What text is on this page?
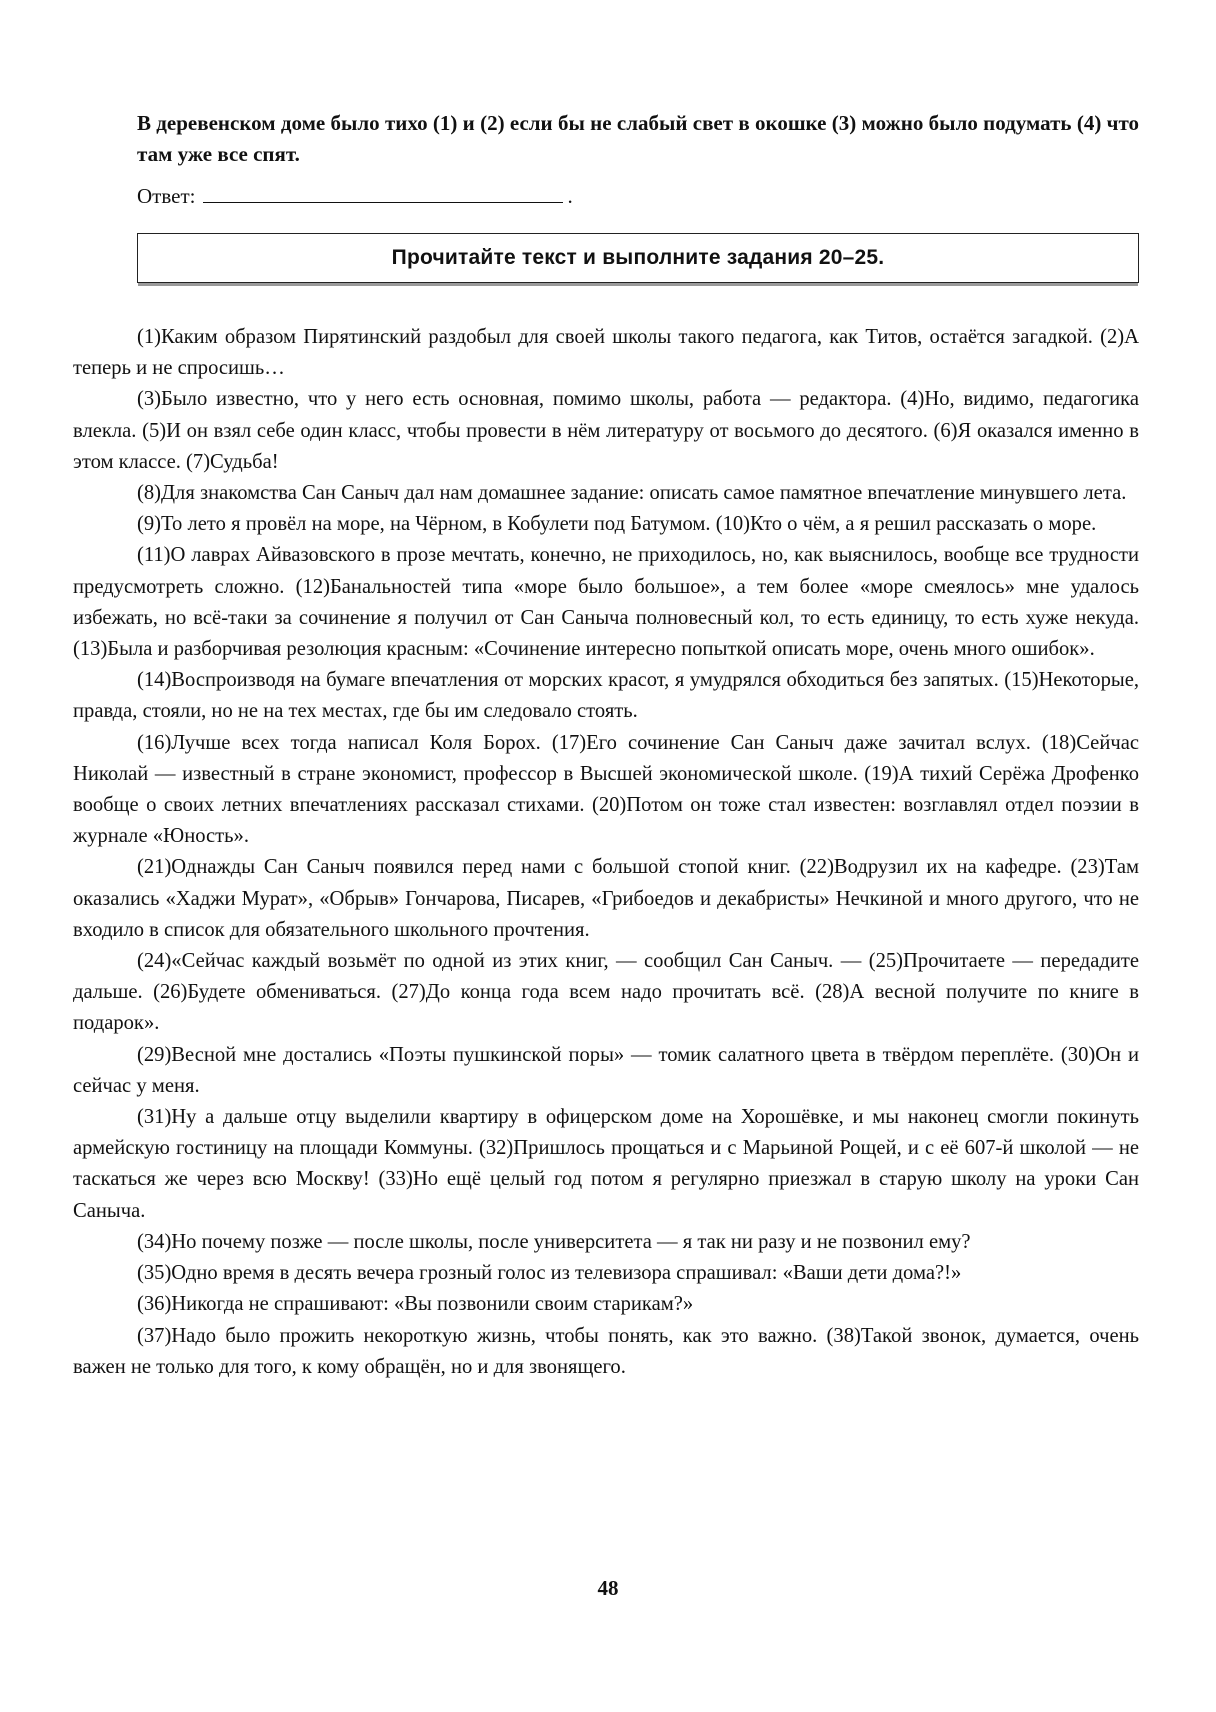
В деревенском доме было тихо (1) и (2) если бы не слабый свет в окошке (3) можно было подумать (4) что там уже все спят.

Ответ:	.
Прочитайте текст и выполните задания 20–25.

(1)Каким образом Пирятинский раздобыл для своей школы такого педагога, как Титов, остаётся загадкой. (2)А теперь и не спросишь…

(3)Было известно, что у него есть основная, помимо школы, работа — редактора. (4)Но, видимо, педагогика влекла. (5)И он взял себе один класс, чтобы провести в нём литературу от восьмого до десятого. (6)Я оказался именно в этом классе. (7)Судьба!

(8)Для знакомства Сан Саныч дал нам домашнее задание: описать самое памятное впечатление минувшего лета.

(9)То лето я провёл на море, на Чёрном, в Кобулети под Батумом. (10)Кто о чём, а я решил рассказать о море.

(11)О лаврах Айвазовского в прозе мечтать, конечно, не приходилось, но, как выяснилось, вообще все трудности предусмотреть сложно. (12)Банальностей типа «море было большое», а тем более «море смеялось» мне удалось избежать, но всё-таки за сочинение я получил от Сан Саныча полновесный кол, то есть единицу, то есть хуже некуда. (13)Была и разборчивая резолюция красным: «Сочинение интересно попыткой описать море, очень много ошибок».

(14)Воспроизводя на бумаге впечатления от морских красот, я умудрялся обходиться без запятых. (15)Некоторые, правда, стояли, но не на тех местах, где бы им следовало стоять.

(16)Лучше всех тогда написал Коля Борох. (17)Его сочинение Сан Саныч даже зачитал вслух. (18)Сейчас Николай — известный в стране экономист, профессор в Высшей экономической школе. (19)А тихий Серёжа Дрофенко вообще о своих летних впечатлениях рассказал стихами. (20)Потом он тоже стал известен: возглавлял отдел поэзии в журнале «Юность».

(21)Однажды Сан Саныч появился перед нами с большой стопой книг. (22)Водрузил их на кафедре. (23)Там оказались «Хаджи Мурат», «Обрыв» Гончарова, Писарев, «Грибоедов и декабристы» Нечкиной и много другого, что не входило в список для обязательного школьного прочтения.

(24)«Сейчас каждый возьмёт по одной из этих книг, — сообщил Сан Саныч. — (25)Прочитаете — передадите дальше. (26)Будете обмениваться. (27)До конца года всем надо прочитать всё. (28)А весной получите по книге в подарок».

(29)Весной мне достались «Поэты пушкинской поры» — томик салатного цвета в твёрдом переплёте. (30)Он и сейчас у меня.

(31)Ну а дальше отцу выделили квартиру в офицерском доме на Хорошёвке, и мы наконец смогли покинуть армейскую гостиницу на площади Коммуны. (32)Пришлось прощаться и с Марьиной Рощей, и с её 607-й школой — не таскаться же через всю Москву! (33)Но ещё целый год потом я регулярно приезжал в старую школу на уроки Сан Саныча.

(34)Но почему позже — после школы, после университета — я так ни разу и не позвонил ему?

(35)Одно время в десять вечера грозный голос из телевизора спрашивал: «Ваши дети дома?!»

(36)Никогда не спрашивают: «Вы позвонили своим старикам?»

(37)Надо было прожить некороткую жизнь, чтобы понять, как это важно. (38)Такой звонок, думается, очень важен не только для того, к кому обращён, но и для звонящего.

48
